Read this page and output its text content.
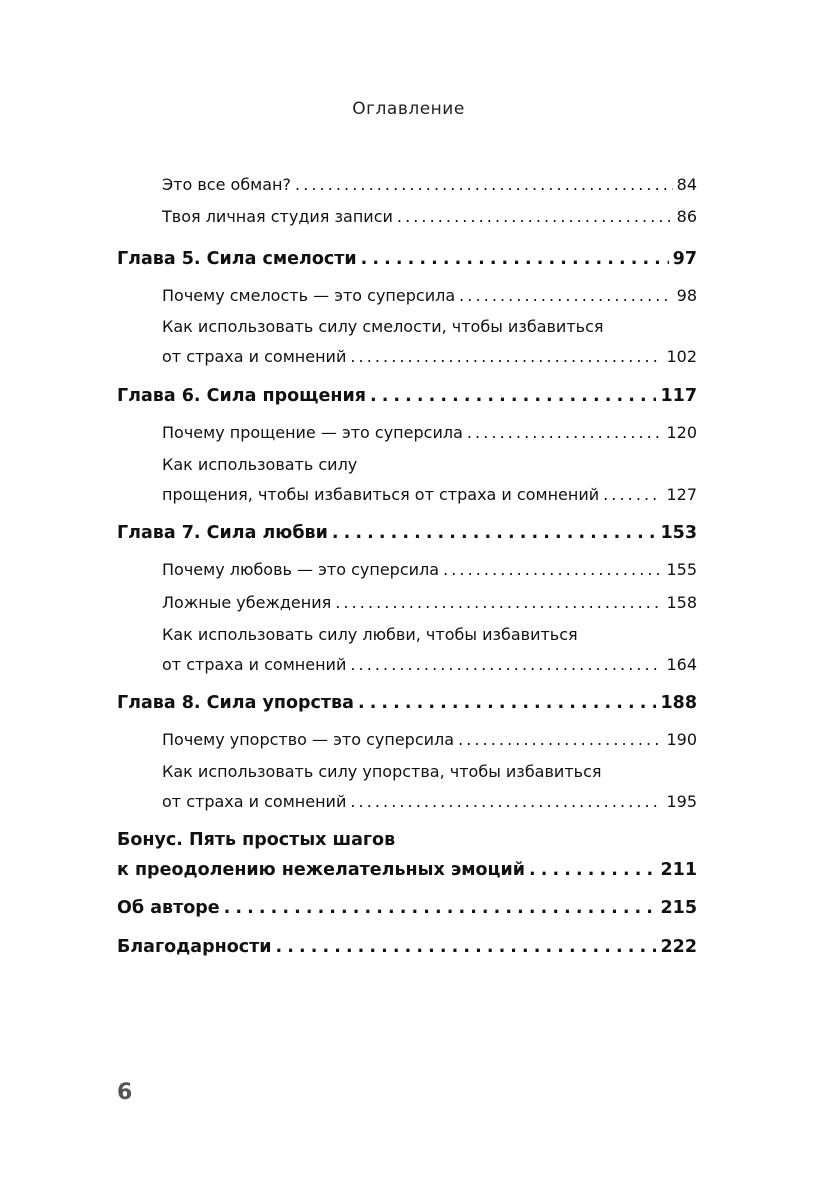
Оглавление
Это все обман? . . .	84
Твоя личная студия записи . . .	86
Глава 5. Сила смелости . . .	97
Почему смелость — это суперсила . . .	98
Как использовать силу смелости, чтобы избавиться
от страха и сомнений . . .	102
Глава 6. Сила прощения . . .	117
Почему прощение — это суперсила . . .	120
Как использовать силу
прощения, чтобы избавиться от страха и сомнений . . .	127
Глава 7. Сила любви . . .	153
Почему любовь — это суперсила . . .	155
Ложные убеждения . . .	158
Как использовать силу любви, чтобы избавиться
от страха и сомнений . . .	164
Глава 8. Сила упорства . . .	188
Почему упорство — это суперсила . . .	190
Как использовать силу упорства, чтобы избавиться
от страха и сомнений . . .	195
Бонус. Пять простых шагов
к преодолению нежелательных эмоций . . .	211
Об авторе . . .	215
Благодарности . . .	222
6
